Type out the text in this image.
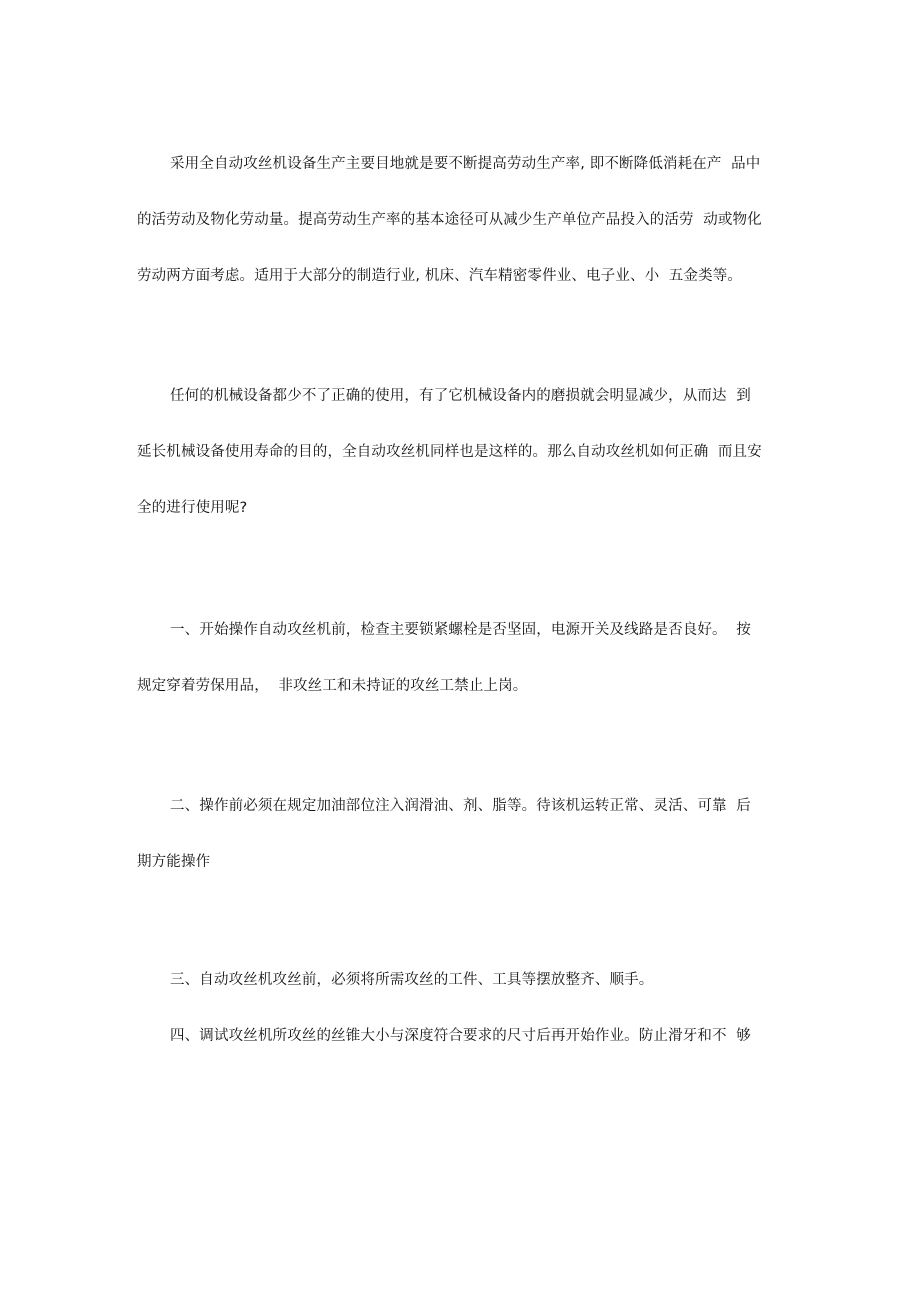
采用全自动攻丝机设备生产主要目地就是要不断提高劳动生产率, 即不断降低消耗在产  品中
的活劳动及物化劳动量。提高劳动生产率的基本途径可从减少生产单位产品投入的活劳  动或物化
劳动两方面考虑。适用于大部分的制造行业, 机床、汽车精密零件业、电子业、小  五金类等。
任何的机械设备都少不了正确的使用，有了它机械设备内的磨损就会明显减少，从而达  到
延长机械设备使用寿命的目的，全自动攻丝机同样也是这样的。那么自动攻丝机如何正确  而且安
全的进行使用呢?
一、开始操作自动攻丝机前，检查主要锁紧螺栓是否坚固，电源开关及线路是否良好。  按
规定穿着劳保用品，  非攻丝工和未持证的攻丝工禁止上岗。
二、操作前必须在规定加油部位注入润滑油、剂、脂等。待该机运转正常、灵活、可靠  后
期方能操作
三、自动攻丝机攻丝前，必须将所需攻丝的工件、工具等摆放整齐、顺手。
四、调试攻丝机所攻丝的丝锥大小与深度符合要求的尺寸后再开始作业。防止滑牙和不  够
